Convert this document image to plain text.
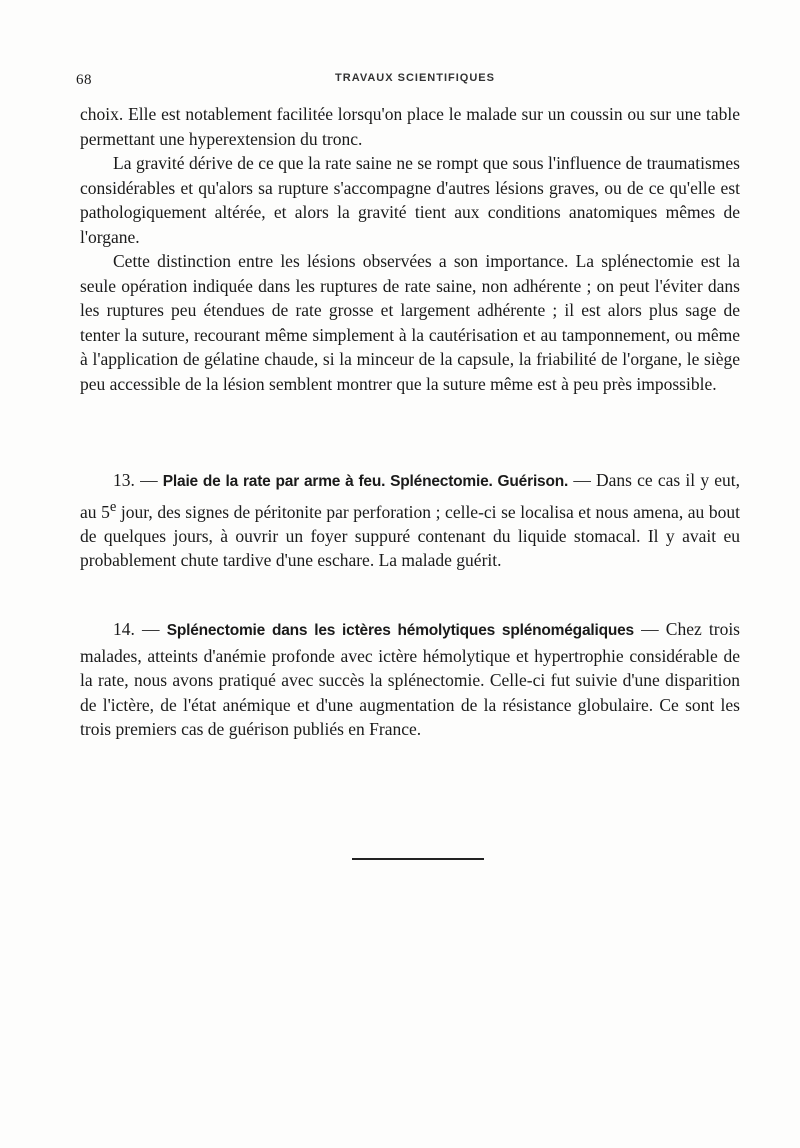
68	TRAVAUX SCIENTIFIQUES

choix. Elle est notablement facilitée lorsqu'on place le malade sur un coussin ou sur une table permettant une hyperextension du tronc.

La gravité dérive de ce que la rate saine ne se rompt que sous l'influence de traumatismes considérables et qu'alors sa rupture s'accompagne d'autres lésions graves, ou de ce qu'elle est pathologiquement altérée, et alors la gravité tient aux conditions anatomiques mêmes de l'organe.

Cette distinction entre les lésions observées a son importance. La splénectomie est la seule opération indiquée dans les ruptures de rate saine, non adhérente ; on peut l'éviter dans les ruptures peu étendues de rate grosse et largement adhérente ; il est alors plus sage de tenter la suture, recourant même simplement à la cautérisation et au tamponnement, ou même à l'application de gélatine chaude, si la minceur de la capsule, la friabilité de l'organe, le siège peu accessible de la lésion semblent montrer que la suture même est à peu près impossible.

13. — Plaie de la rate par arme à feu. Splénectomie. Guérison. — Dans ce cas il y eut, au 5e jour, des signes de péritonite par perforation ; celle-ci se localisa et nous amena, au bout de quelques jours, à ouvrir un foyer suppuré contenant du liquide stomacal. Il y avait eu probablement chute tardive d'une eschare. La malade guérit.

14. — Splénectomie dans les ictères hémolytiques splénomégaliques — Chez trois malades, atteints d'anémie profonde avec ictère hémolytique et hypertrophie considérable de la rate, nous avons pratiqué avec succès la splénectomie. Celle-ci fut suivie d'une disparition de l'ictère, de l'état anémique et d'une augmentation de la résistance globulaire. Ce sont les trois premiers cas de guérison publiés en France.
